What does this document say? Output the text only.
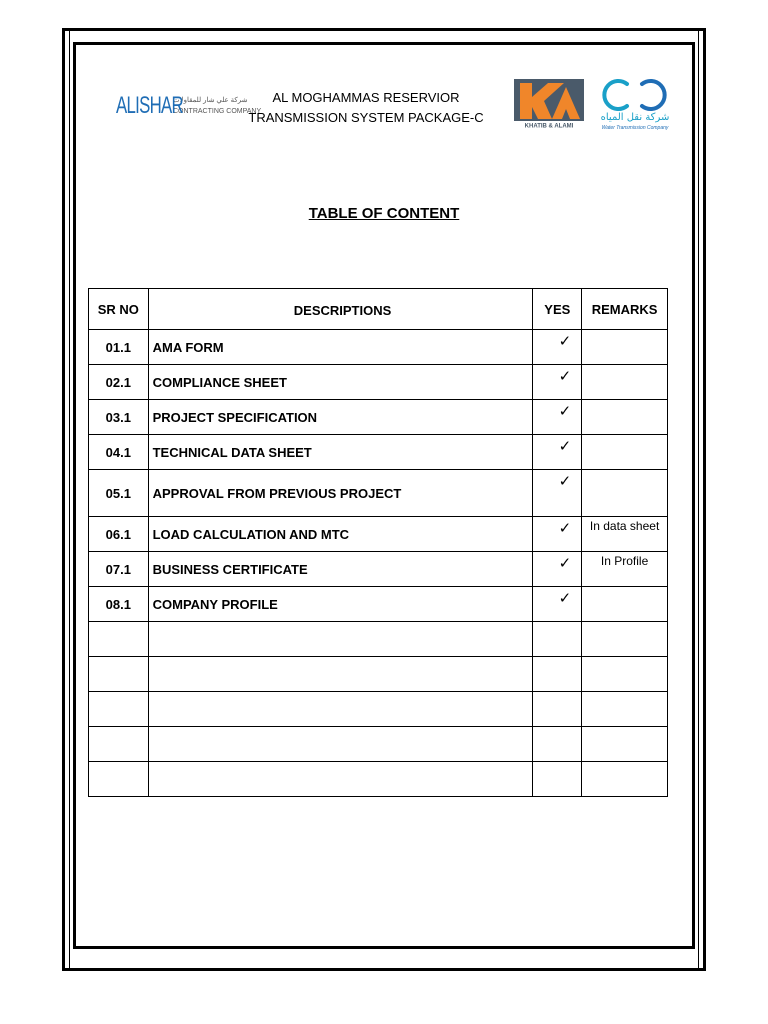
ALISHAR
شركة علي شار للمقاولات
CONTRACTING COMPANY
AL MOGHAMMAS RESERVIOR
TRANSMISSION SYSTEM PACKAGE-C
KHATIB & ALAMI
شركة نقل المياه
Water Transmission Company
TABLE OF CONTENT
SR NO	DESCRIPTIONS	YES	REMARKS
01.1	AMA FORM	✓	

02.1	COMPLIANCE SHEET	✓	

03.1	PROJECT SPECIFICATION	✓	

04.1	TECHNICAL DATA SHEET	✓	

05.1	APPROVAL FROM PREVIOUS PROJECT	✓	

06.1	LOAD CALCULATION AND MTC	✓	In data sheet

07.1	BUSINESS CERTIFICATE	✓	In Profile

08.1	COMPANY PROFILE	✓	
